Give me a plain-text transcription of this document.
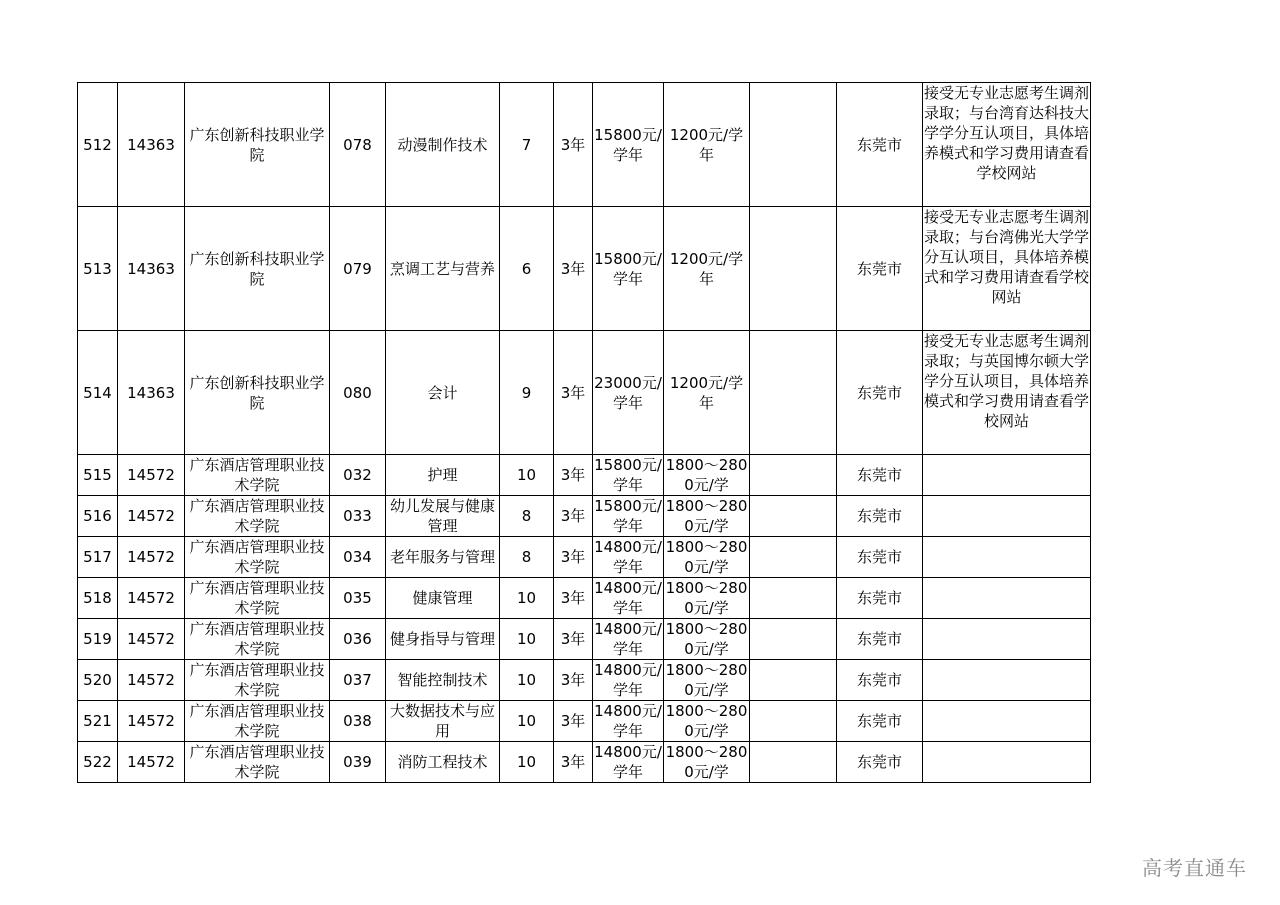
512	14363	广东创新科技职业学院	078	动漫制作技术	7	3年	15800元/学年	1200元/学年		东莞市	接受无专业志愿考生调剂录取；与台湾育达科技大学学分互认项目，具体培养模式和学习费用请查看学校网站
513	14363	广东创新科技职业学院	079	烹调工艺与营养	6	3年	15800元/学年	1200元/学年		东莞市	接受无专业志愿考生调剂录取；与台湾佛光大学学分互认项目，具体培养模式和学习费用请查看学校网站
514	14363	广东创新科技职业学院	080	会计	9	3年	23000元/学年	1200元/学年		东莞市	接受无专业志愿考生调剂录取；与英国博尔顿大学学分互认项目，具体培养模式和学习费用请查看学校网站
515	14572	广东酒店管理职业技术学院	032	护理	10	3年	15800元/学年	1800～2800元/学		东莞市	
516	14572	广东酒店管理职业技术学院	033	幼儿发展与健康管理	8	3年	15800元/学年	1800～2800元/学		东莞市	
517	14572	广东酒店管理职业技术学院	034	老年服务与管理	8	3年	14800元/学年	1800～2800元/学		东莞市	
518	14572	广东酒店管理职业技术学院	035	健康管理	10	3年	14800元/学年	1800～2800元/学		东莞市	
519	14572	广东酒店管理职业技术学院	036	健身指导与管理	10	3年	14800元/学年	1800～2800元/学		东莞市	
520	14572	广东酒店管理职业技术学院	037	智能控制技术	10	3年	14800元/学年	1800～2800元/学		东莞市	
521	14572	广东酒店管理职业技术学院	038	大数据技术与应用	10	3年	14800元/学年	1800～2800元/学		东莞市	
522	14572	广东酒店管理职业技术学院	039	消防工程技术	10	3年	14800元/学年	1800～2800元/学		东莞市	
高考直通车
